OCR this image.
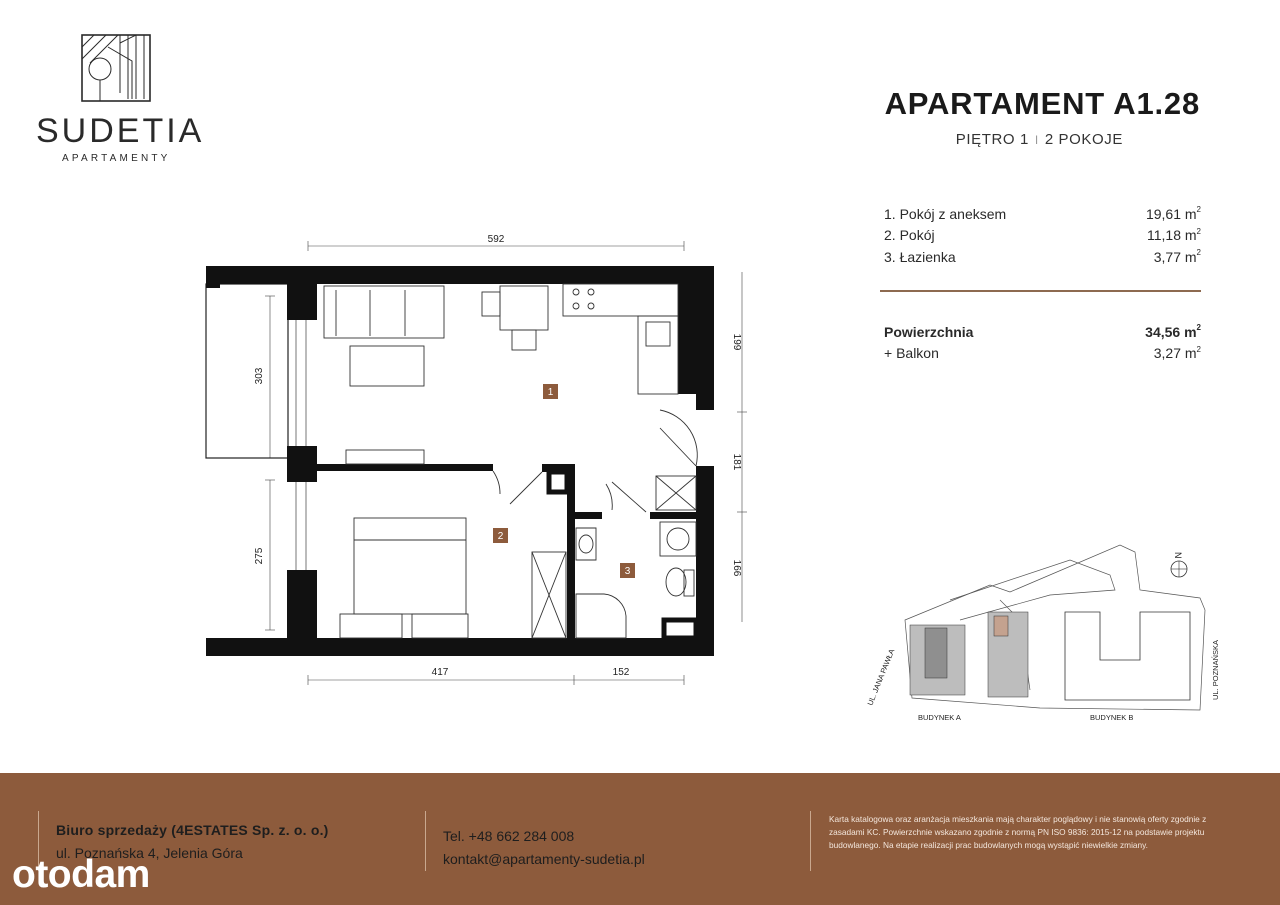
SUDETIA
APARTAMENTY
APARTAMENT A1.28
PIĘTRO 1 I 2 POKOJE
1. Pokój z aneksem	19,61 $m^2$
2. Pokój	11,18 $m^2$
3. Łazienka	3,77 $m^2$
Powierzchnia	34,56 $m^2$
+ Balkon	3,27 $m^2$
592
303
275
199
181
166
417	152
1
2
3
N
UL. JANA PAWŁA	UL. POZNAŃSKA
BUDYNEK A	BUDYNEK B
Biuro sprzedaży (4ESTATES Sp. z. o. o.)
ul. Poznańska 4, Jelenia Góra
Tel. +48 662 284 008
kontakt@apartamenty-sudetia.pl
Karta katalogowa oraz aranżacja mieszkania mają charakter poglądowy i nie stanowią oferty zgodnie z zasadami KC. Powierzchnie wskazano zgodnie z normą PN ISO 9836: 2015-12 na podstawie projektu budowlanego. Na etapie realizacji prac budowlanych mogą wystąpić niewielkie zmiany.
otodam
